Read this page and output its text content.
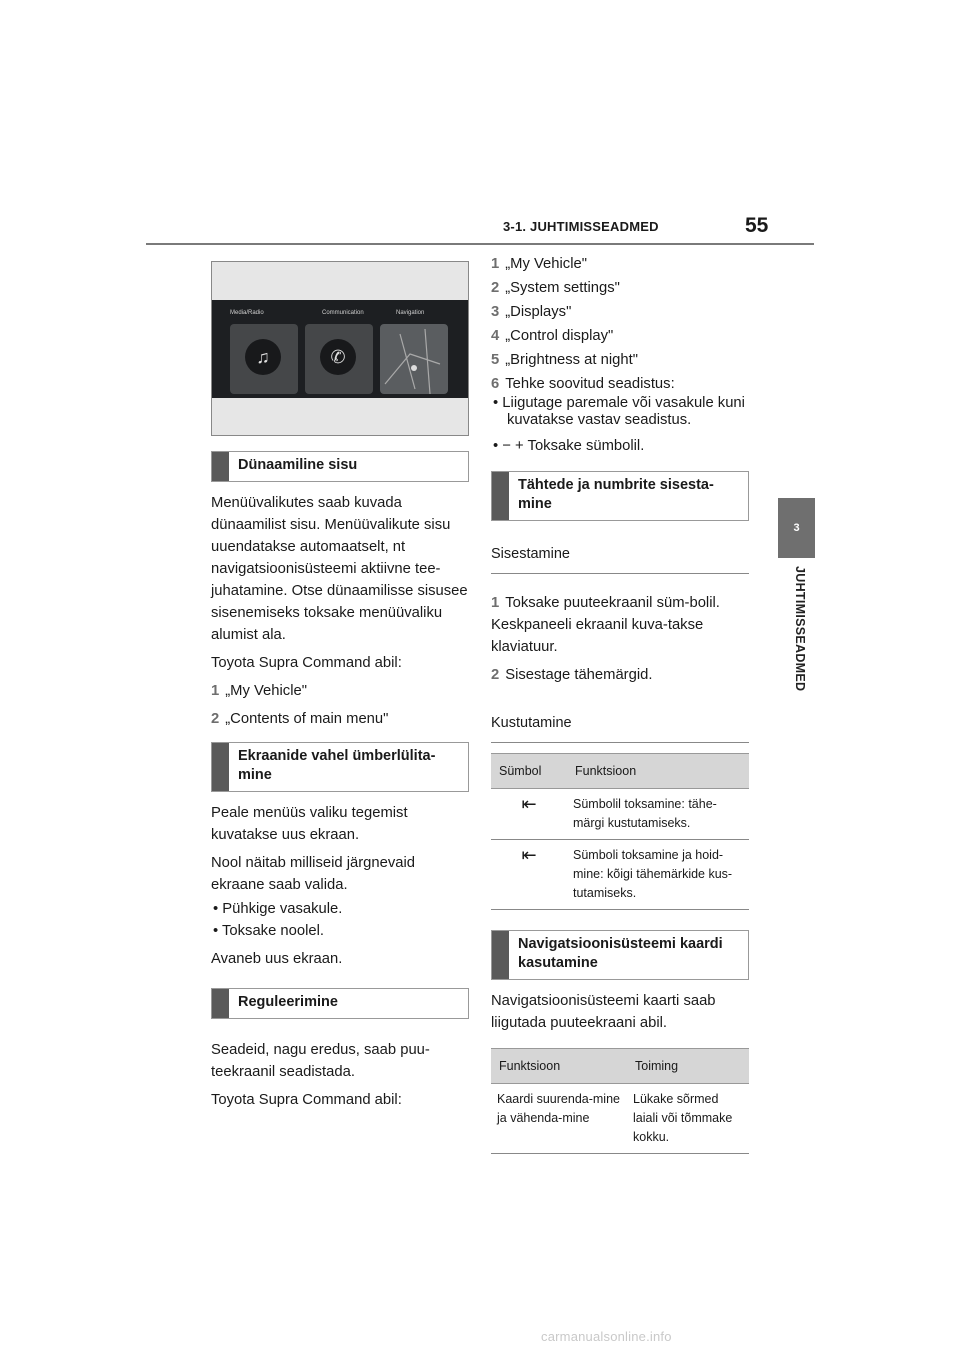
3-1. JUHTIMISSEADMED	55
3
JUHTIMISSEADMED
Media/Radio	Communication	Navigation
♫	✆
Dünaamiline sisu

Menüüvalikutes saab kuvada dünaamilist sisu. Menüüvalikute sisu uuendatakse automaatselt, nt navigatsioonisüsteemi aktiivne tee-juhatamine. Otse dünaamilisse sisusee sisenemiseks toksake menüüvaliku alumist ala.

Toyota Supra Command abil:

1 „My Vehicle"

2 „Contents of main menu"

Ekraanide vahel ümberlülita-mine

Peale menüüs valiku tegemist kuvatakse uus ekraan.

Nool näitab milliseid järgnevaid ekraane saab valida.

• Pühkige vasakule.

• Toksake noolel.

Avaneb uus ekraan.

Reguleerimine

Seadeid, nagu eredus, saab puu-teekraanil seadistada.

Toyota Supra Command abil:

1 „My Vehicle"

2 „System settings"

3 „Displays"

4 „Control display"

5 „Brightness at night"

6 Tehke soovitud seadistus:

• Liigutage paremale või vasakule kuni kuvatakse vastav seadistus.

• − + Toksake sümbolil.

Tähtede ja numbrite sisesta-mine
Sisestamine

1 Toksake puuteekraanil süm-bolil. Keskpaneeli ekraanil kuva-takse klaviatuur.

2 Sisestage tähemärgid.

Kustutamine
Sümbol	Funktsioon
⇤	Sümbolil toksamine: tähe-märgi kustutamiseks.
⇤	Sümboli toksamine ja hoid-mine: kõigi tähemärkide kus-tutamiseks.
Navigatsioonisüsteemi kaardi kasutamine

Navigatsioonisüsteemi kaarti saab liigutada puuteekraani abil.

Funktsioon	Toiming
Kaardi suurenda-mine ja vähenda-mine	Lükake sõrmed laiali või tõmmake kokku.
carmanualsonline.info
